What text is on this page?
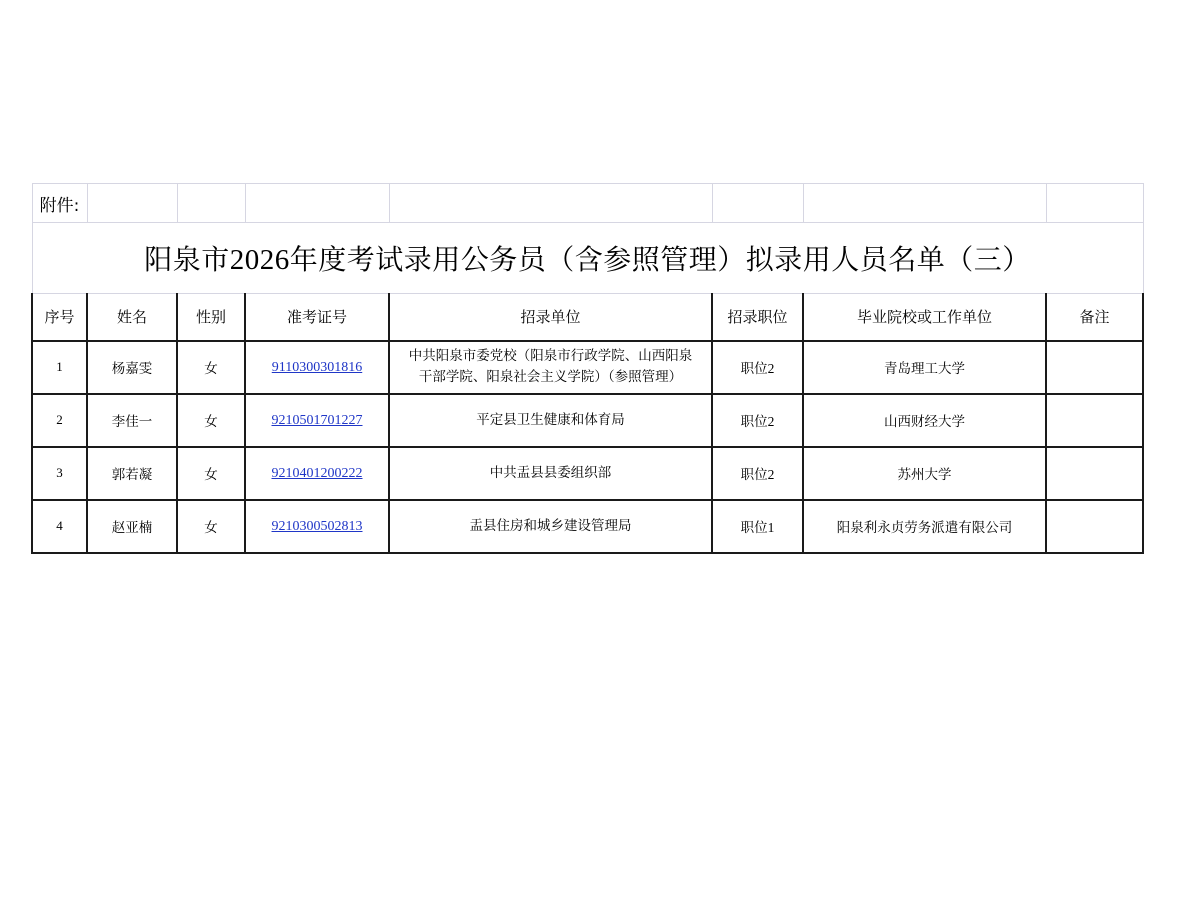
附件:							
阳泉市2026年度考试录用公务员（含参照管理）拟录用人员名单（三）							
序号	姓名	性别	准考证号	招录单位	招录职位	毕业院校或工作单位	备注
1	杨嘉雯	女	9110300301816	中共阳泉市委党校（阳泉市行政学院、山西阳泉
干部学院、阳泉社会主义学院）（参照管理）	职位2	青岛理工大学	
2	李佳一	女	9210501701227	平定县卫生健康和体育局	职位2	山西财经大学	
3	郭若凝	女	9210401200222	中共盂县县委组织部	职位2	苏州大学	
4	赵亚楠	女	9210300502813	盂县住房和城乡建设管理局	职位1	阳泉利永贞劳务派遣有限公司	
